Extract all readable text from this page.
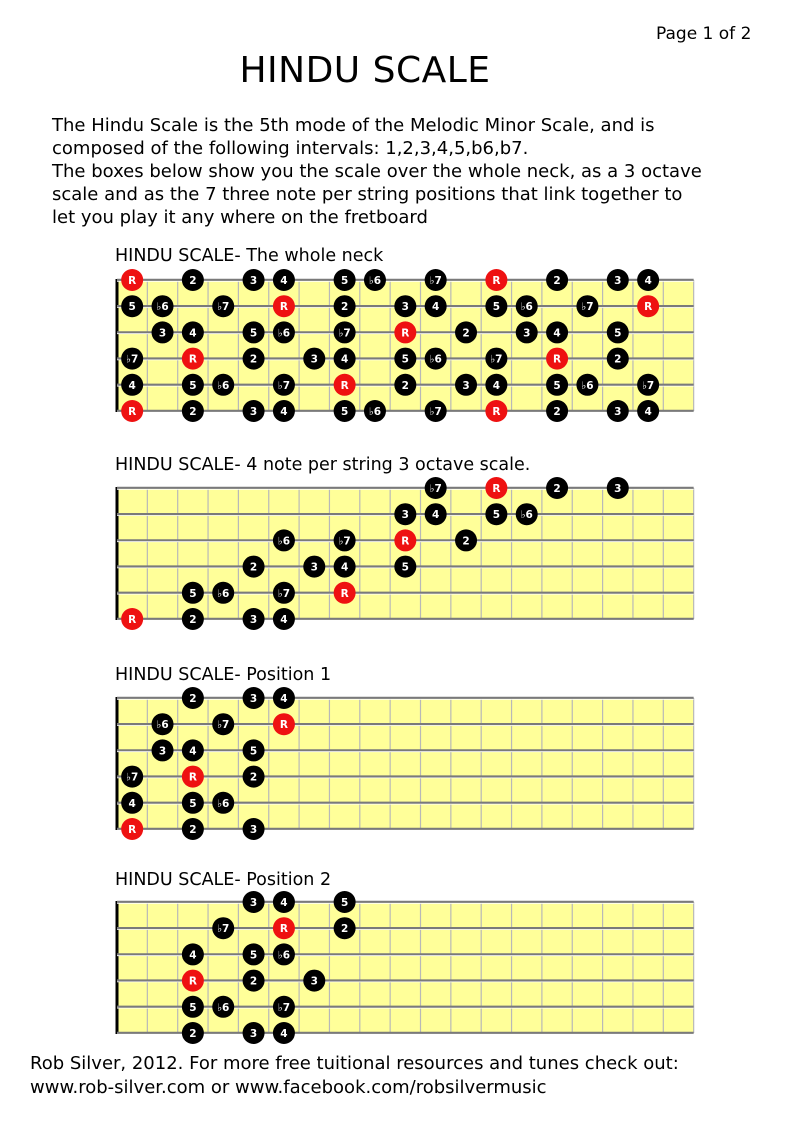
Page 1 of 2
HINDU SCALE
The Hindu Scale is the 5th mode of the Melodic Minor Scale, and is
composed of the following intervals: 1,2,3,4,5,b6,b7.
The boxes below show you the scale over the whole neck, as a 3 octave
scale and as the 7 three note per string positions that link together to
let you play it any where on the fretboard
HINDU SCALE- The whole neck
R	2	3 4	5 ♭6	♭7	R	2	3 4
5 ♭6	♭7	R	2	3 4	5 ♭6	♭7	R
3 4	5 ♭6	♭7	R	2	3 4	5
♭7	R	2	3 4	5 ♭6	♭7	R	2
4	5 ♭6	♭7	R	2	3 4	5 ♭6	♭7
R	2	3 4	5 ♭6	♭7	R	2	3 4
HINDU SCALE- 4 note per string 3 octave scale.
♭7	R	2	3
3 4	5 ♭6
♭6	♭7	R	2
2	3 4	5
5 ♭6	♭7	R
R	2	3 4
HINDU SCALE- Position 1
2	3 4
♭6	♭7	R
3 4	5
♭7	R	2
4	5 ♭6
R	2	3
HINDU SCALE- Position 2
3 4	5
♭7	R	2
4	5 ♭6
R	2	3
5 ♭6	♭7
2	3 4
Rob Silver, 2012. For more free tuitional resources and tunes check out:
www.rob-silver.com or www.facebook.com/robsilvermusic
